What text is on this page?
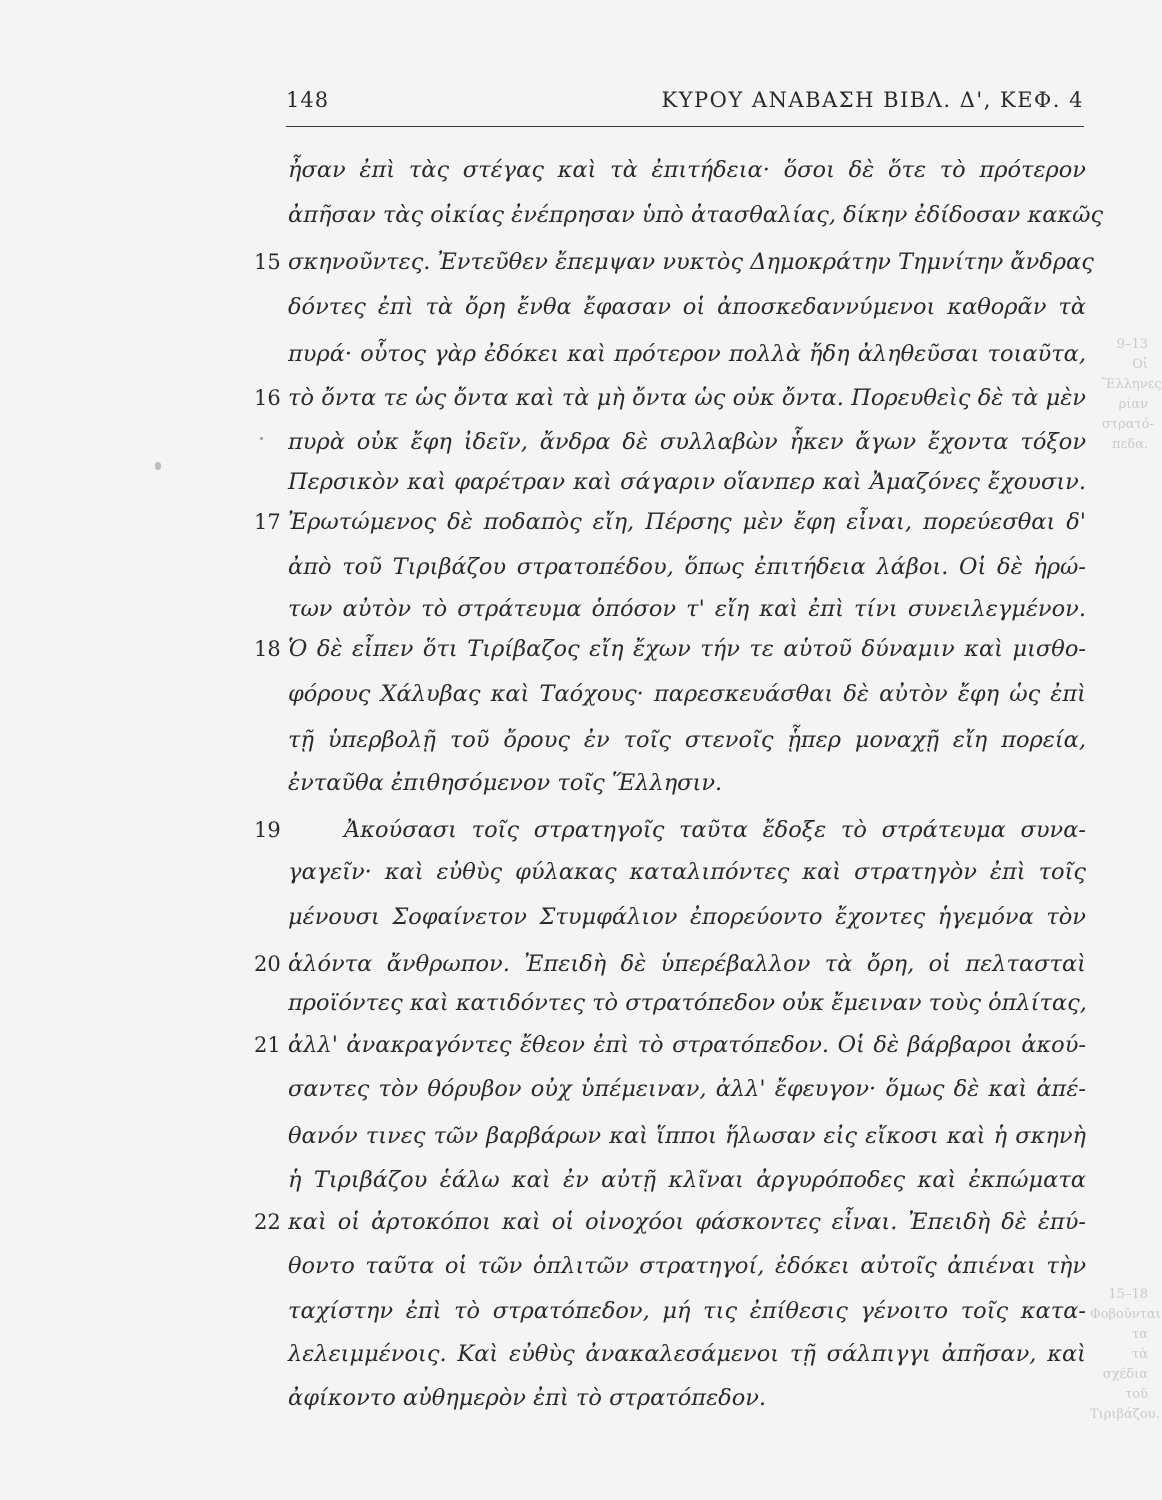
148	ΚΥΡΟΥ ΑΝΑΒΑΣΗ ΒΙΒΛ. Δ', ΚΕΦ. 4
15
16
17
18
19
20
21
22
ἦσαν ἐπὶ τὰς στέγας καὶ τὰ ἐπιτήδεια· ὅσοι δὲ ὅτε τὸ πρότερον
ἀπῆσαν τὰς οἰκίας ἐνέπρησαν ὑπὸ ἀτασθαλίας, δίκην ἐδίδοσαν κακῶς
σκηνοῦντες. Ἐντεῦθεν ἔπεμψαν νυκτὸς Δημοκράτην Τημνίτην ἄνδρας
δόντες ἐπὶ τὰ ὄρη ἔνθα ἔφασαν οἱ ἀποσκεδαννύμενοι καθορᾶν τὰ
πυρά· οὗτος γὰρ ἐδόκει καὶ πρότερον πολλὰ ἤδη ἀληθεῦσαι τοιαῦτα,
τὸ ὄντα τε ὡς ὄντα καὶ τὰ μὴ ὄντα ὡς οὐκ ὄντα. Πορευθεὶς δὲ τὰ μὲν
πυρὰ οὐκ ἔφη ἰδεῖν, ἄνδρα δὲ συλλαβὼν ἧκεν ἄγων ἔχοντα τόξον
Περσικὸν καὶ φαρέτραν καὶ σάγαριν οἵανπερ καὶ Ἀμαζόνες ἔχουσιν.
Ἐρωτώμενος δὲ ποδαπὸς εἴη, Πέρσης μὲν ἔφη εἶναι, πορεύεσθαι δ'
ἀπὸ τοῦ Τιριβάζου στρατοπέδου, ὅπως ἐπιτήδεια λάβοι. Οἱ δὲ ἠρώ-
των αὐτὸν τὸ στράτευμα ὁπόσον τ' εἴη καὶ ἐπὶ τίνι συνειλεγμένον.
Ὁ δὲ εἶπεν ὅτι Τιρίβαζος εἴη ἔχων τήν τε αὑτοῦ δύναμιν καὶ μισθο-
φόρους Χάλυβας καὶ Ταόχους· παρεσκευάσθαι δὲ αὐτὸν ἔφη ὡς ἐπὶ
τῇ ὑπερβολῇ τοῦ ὄρους ἐν τοῖς στενοῖς ᾗπερ μοναχῇ εἴη πορεία,
ἐνταῦθα ἐπιθησόμενον τοῖς Ἕλλησιν.
Ἀκούσασι τοῖς στρατηγοῖς ταῦτα ἔδοξε τὸ στράτευμα συνα-
γαγεῖν· καὶ εὐθὺς φύλακας καταλιπόντες καὶ στρατηγὸν ἐπὶ τοῖς
μένουσι Σοφαίνετον Στυμφάλιον ἐπορεύοντο ἔχοντες ἡγεμόνα τὸν
ἁλόντα ἄνθρωπον. Ἐπειδὴ δὲ ὑπερέβαλλον τὰ ὄρη, οἱ πελτασταὶ
προϊόντες καὶ κατιδόντες τὸ στρατόπεδον οὐκ ἔμειναν τοὺς ὁπλίτας,
ἀλλ' ἀνακραγόντες ἔθεον ἐπὶ τὸ στρατόπεδον. Οἱ δὲ βάρβαροι ἀκού-
σαντες τὸν θόρυβον οὐχ ὑπέμειναν, ἀλλ' ἔφευγον· ὅμως δὲ καὶ ἀπέ-
θανόν τινες τῶν βαρβάρων καὶ ἵπποι ἥλωσαν εἰς εἴκοσι καὶ ἡ σκηνὴ
ἡ Τιριβάζου ἑάλω καὶ ἐν αὐτῇ κλῖναι ἀργυρόποδες καὶ ἐκπώματα
καὶ οἱ ἀρτοκόποι καὶ οἱ οἰνοχόοι φάσκοντες εἶναι. Ἐπειδὴ δὲ ἐπύ-
θοντο ταῦτα οἱ τῶν ὁπλιτῶν στρατηγοί, ἐδόκει αὐτοῖς ἀπιέναι τὴν
ταχίστην ἐπὶ τὸ στρατόπεδον, μή τις ἐπίθεσις γένοιτο τοῖς κατα-
λελειμμένοις. Καὶ εὐθὺς ἀνακαλεσάμενοι τῇ σάλπιγγι ἀπῆσαν, καὶ
ἀφίκοντο αὐθημερὸν ἐπὶ τὸ στρατόπεδον.
9–13
Οἱ Ἕλληνες
ρίαν στρατό-
πεδα.
15–18
Φοβοῦνται τα
τὰ σχέδια τοῦ
Τιριβάζου.
